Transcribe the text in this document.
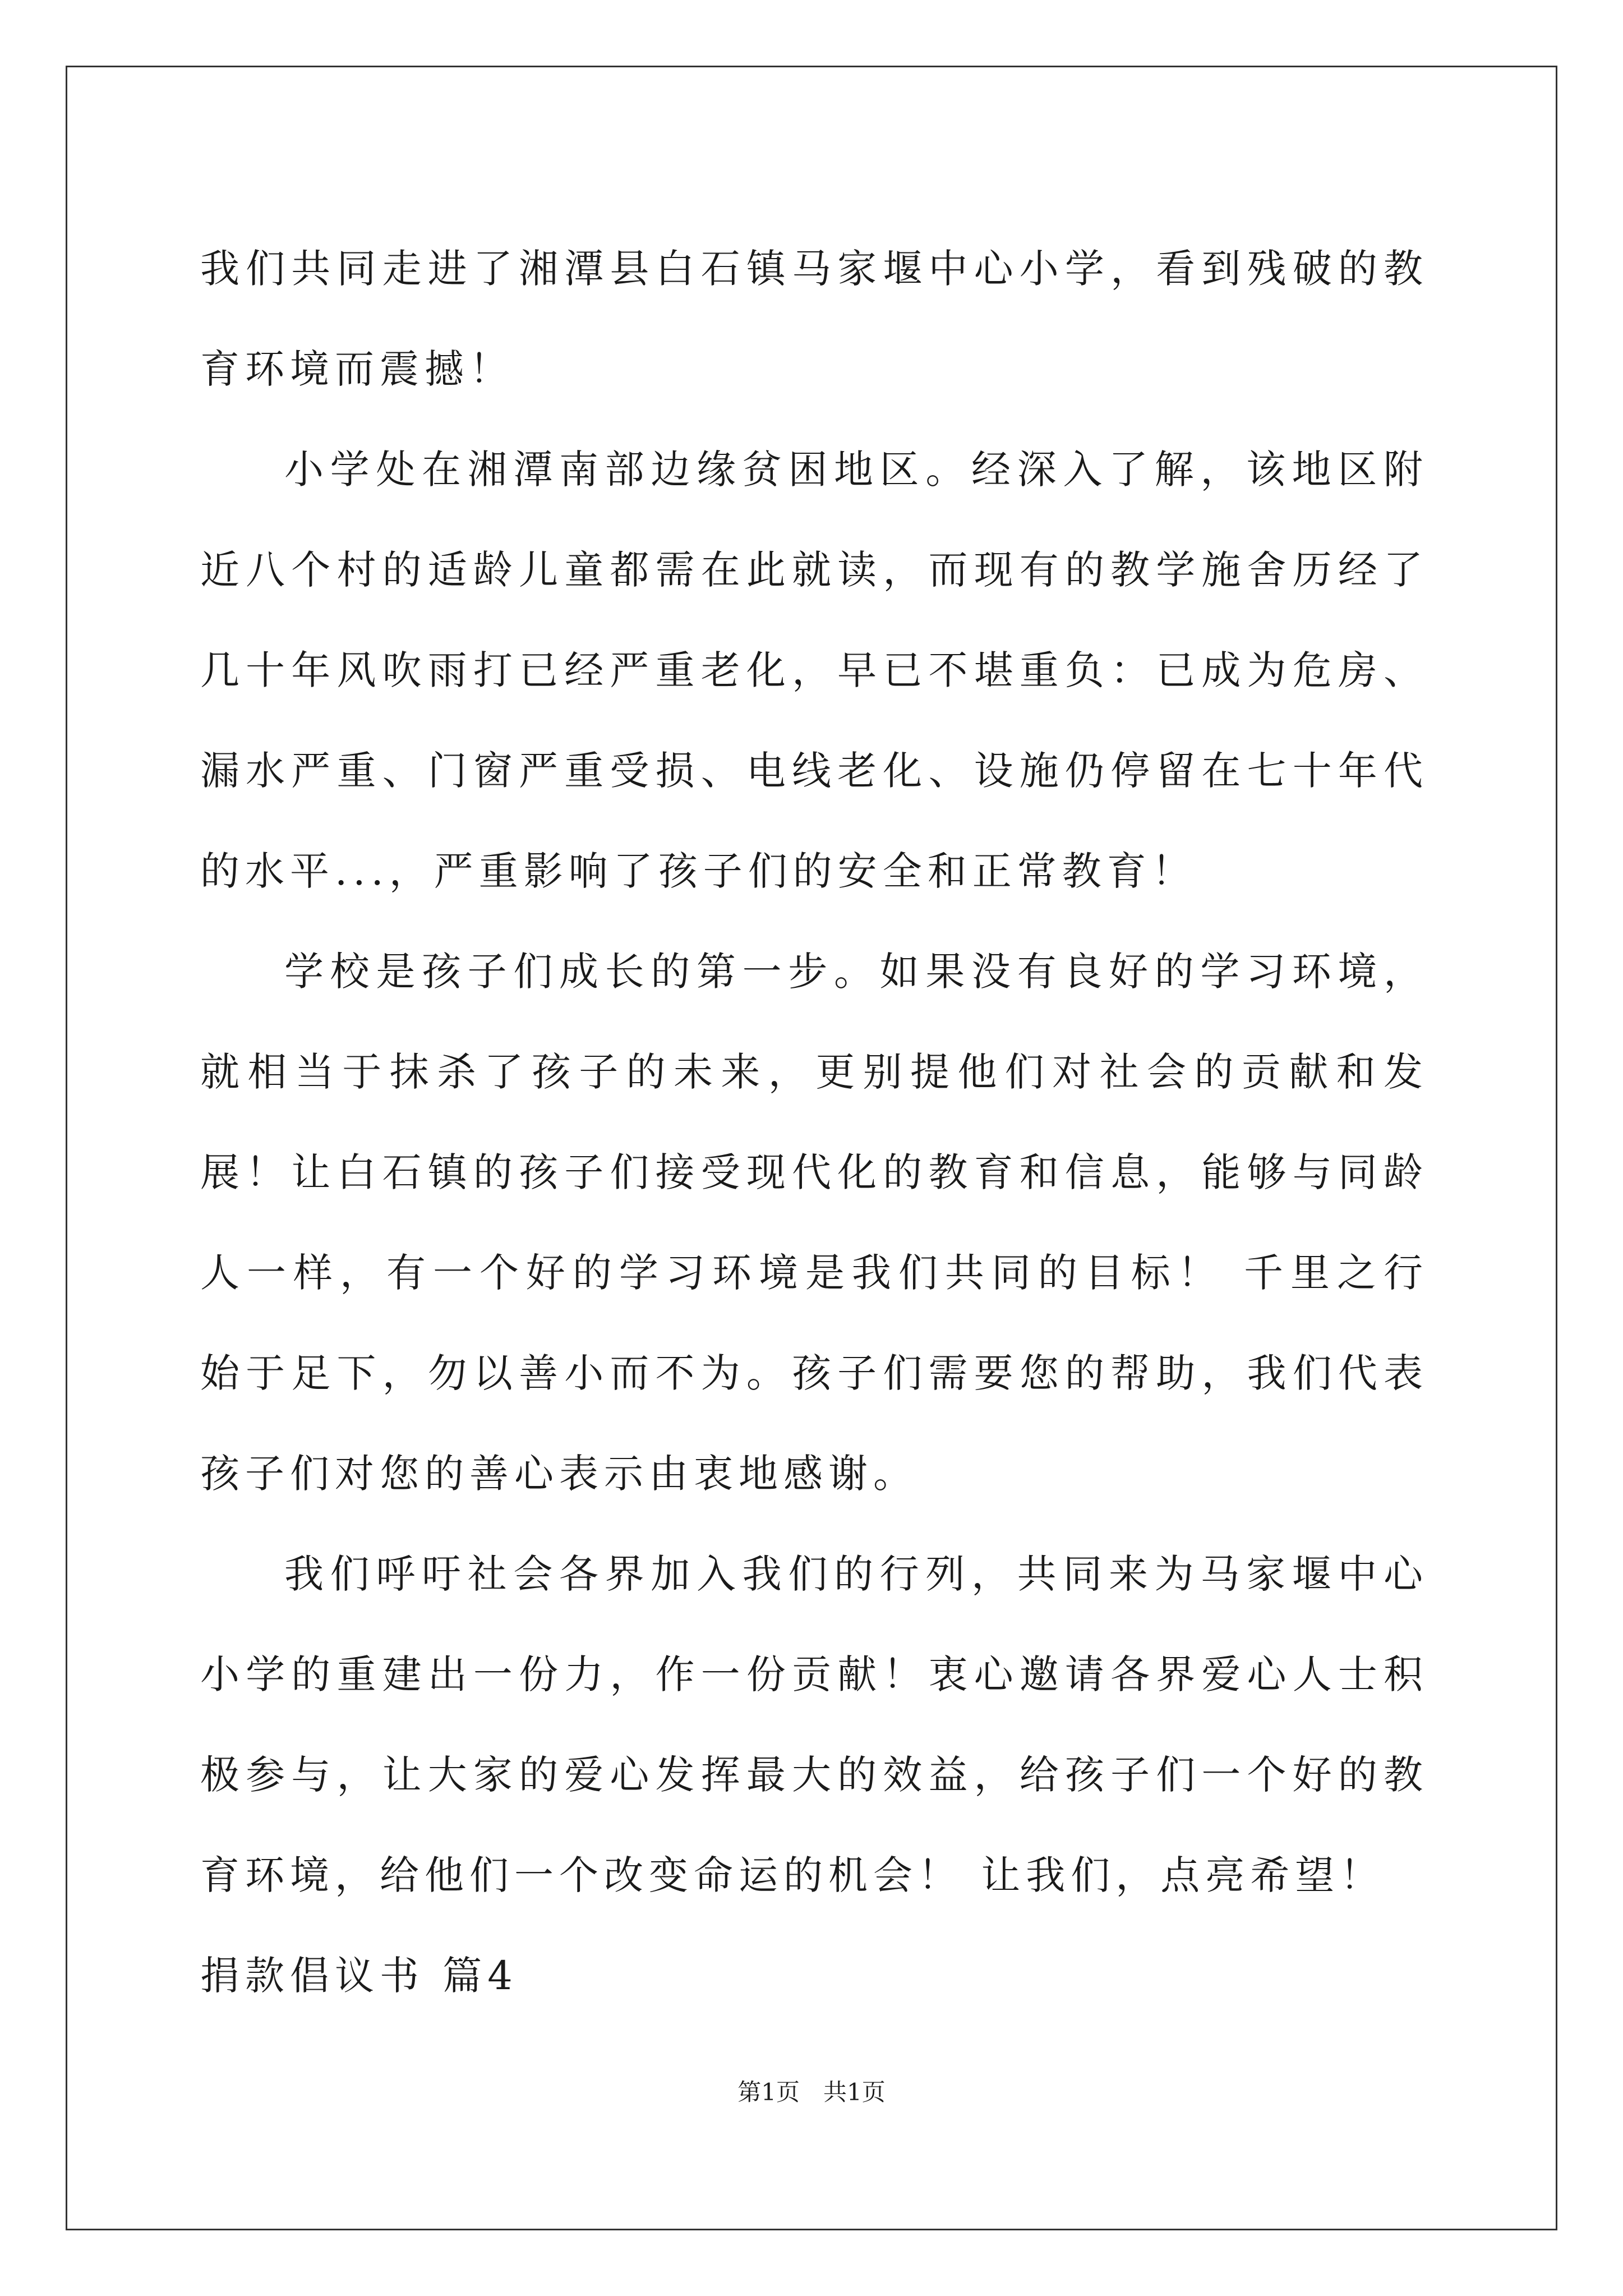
我们共同走进了湘潭县白石镇马家堰中心小学，看到残破的教育环境而震撼！

小学处在湘潭南部边缘贫困地区。经深入了解，该地区附近八个村的适龄儿童都需在此就读，而现有的教学施舍历经了几十年风吹雨打已经严重老化，早已不堪重负：已成为危房、漏水严重、门窗严重受损、电线老化、设施仍停留在七十年代的水平...，严重影响了孩子们的安全和正常教育！

学校是孩子们成长的第一步。如果没有良好的学习环境，就相当于抹杀了孩子的未来，更别提他们对社会的贡献和发展！让白石镇的孩子们接受现代化的教育和信息，能够与同龄人一样，有一个好的学习环境是我们共同的目标！ 千里之行始于足下，勿以善小而不为。孩子们需要您的帮助，我们代表孩子们对您的善心表示由衷地感谢。

我们呼吁社会各界加入我们的行列，共同来为马家堰中心小学的重建出一份力，作一份贡献！衷心邀请各界爱心人士积极参与，让大家的爱心发挥最大的效益，给孩子们一个好的教育环境，给他们一个改变命运的机会！ 让我们，点亮希望！

捐款倡议书 篇4

第1页　共1页
